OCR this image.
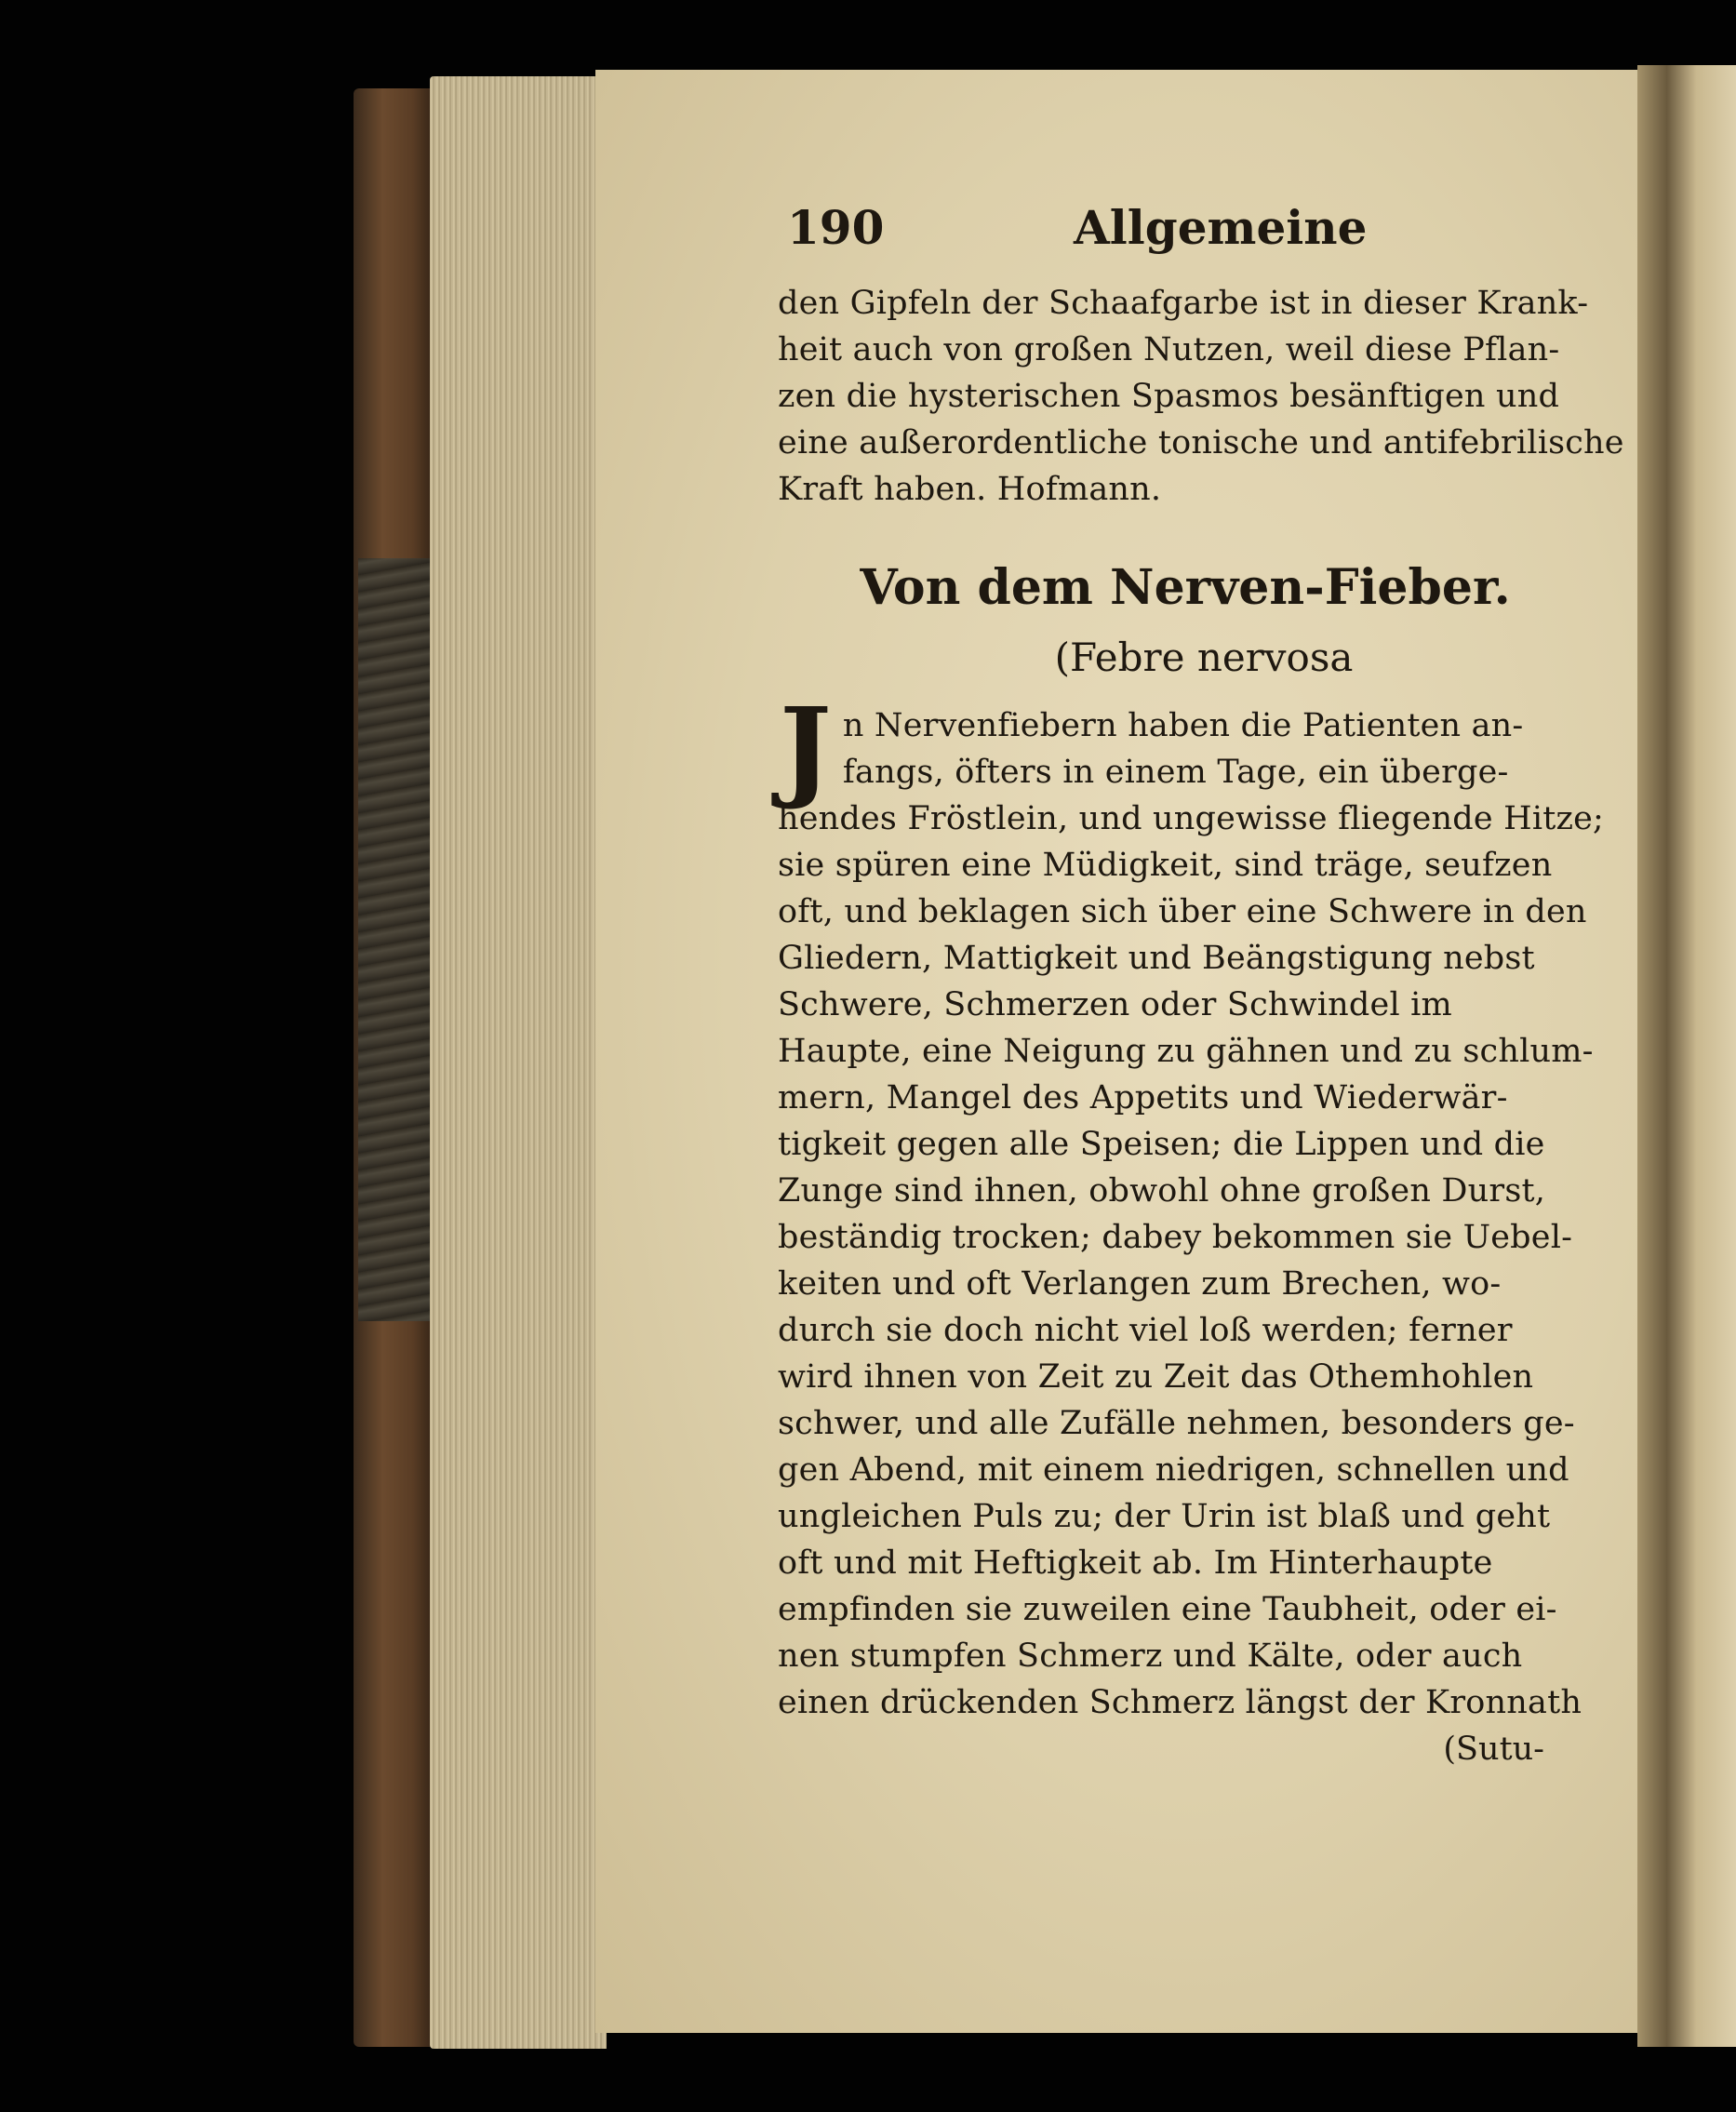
190	Allgemeine
den Gipfeln der Schaafgarbe ist in dieser Krank-
heit auch von großen Nutzen, weil diese Pflan-
zen die hysterischen Spasmos besänftigen und
eine außerordentliche tonische und antifebrilische
Kraft haben. Hofmann.
Von dem Nerven-Fieber.
(Febre nervosa
J n Nervenfiebern haben die Patienten an-
fangs, öfters in einem Tage, ein überge-
hendes Fröstlein, und ungewisse fliegende Hitze;
sie spüren eine Müdigkeit, sind träge, seufzen
oft, und beklagen sich über eine Schwere in den
Gliedern, Mattigkeit und Beängstigung nebst
Schwere, Schmerzen oder Schwindel im
Haupte, eine Neigung zu gähnen und zu schlum-
mern, Mangel des Appetits und Wiederwär-
tigkeit gegen alle Speisen; die Lippen und die
Zunge sind ihnen, obwohl ohne großen Durst,
beständig trocken; dabey bekommen sie Uebel-
keiten und oft Verlangen zum Brechen, wo-
durch sie doch nicht viel loß werden; ferner
wird ihnen von Zeit zu Zeit das Othemhohlen
schwer, und alle Zufälle nehmen, besonders ge-
gen Abend, mit einem niedrigen, schnellen und
ungleichen Puls zu; der Urin ist blaß und geht
oft und mit Heftigkeit ab. Im Hinterhaupte
empfinden sie zuweilen eine Taubheit, oder ei-
nen stumpfen Schmerz und Kälte, oder auch
einen drückenden Schmerz längst der Kronnath
(Sutu-
